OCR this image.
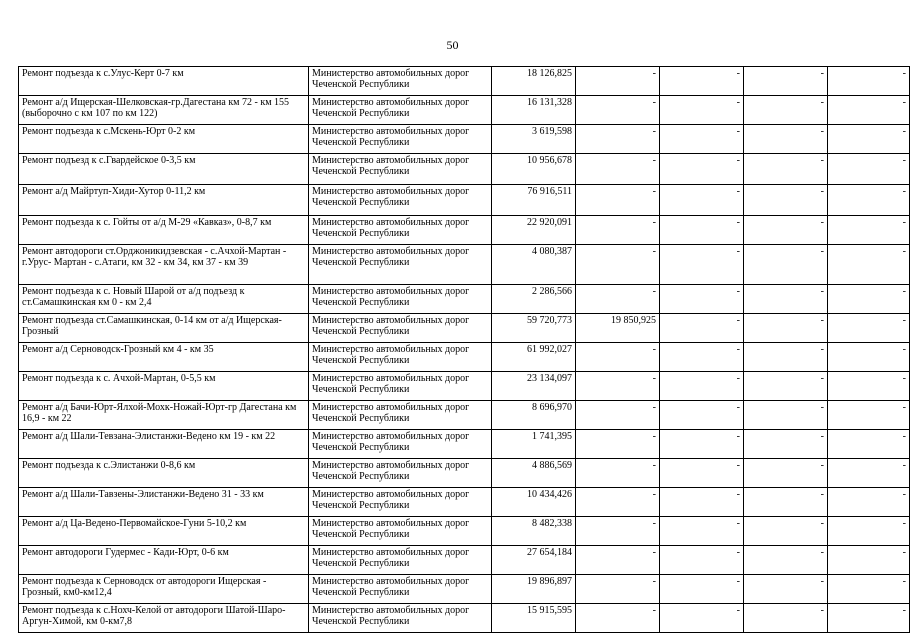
50
Ремонт подъезда к с.Улус-Керт 0-7 км	Министерство автомобильных дорог Чеченской Республики	18 126,825	-	-	-	-
Ремонт а/д Ищерская-Шелковская-гр.Дагестана км 72 - км 155 (выборочно с км 107 по км 122)	Министерство автомобильных дорог Чеченской Республики	16 131,328	-	-	-	-
Ремонт подъезда к с.Мскень-Юрт 0-2 км	Министерство автомобильных дорог Чеченской Республики	3 619,598	-	-	-	-
Ремонт подъезд к с.Гвардейское 0-3,5 км	Министерство автомобильных дорог Чеченской Республики	10 956,678	-	-	-	-
Ремонт а/д Майртуп-Хиди-Хутор 0-11,2 км	Министерство автомобильных дорог Чеченской Республики	76 916,511	-	-	-	-
Ремонт подъезда к с. Гойты от а/д М-29 «Кавказ», 0-8,7 км	Министерство автомобильных дорог Чеченской Республики	22 920,091	-	-	-	-
Ремонт автодороги ст.Орджоникидзевская - с.Ачхой-Мартан - г.Урус- Мартан - с.Атаги, км 32 - км 34, км 37 - км 39	Министерство автомобильных дорог Чеченской Республики	4 080,387	-	-	-	-
Ремонт подъезда к с. Новый Шарой от а/д подъезд к ст.Самашкинская км 0 - км 2,4	Министерство автомобильных дорог Чеченской Республики	2 286,566	-	-	-	-
Ремонт подъезда ст.Самашкинская, 0-14 км от а/д Ищерская-Грозный	Министерство автомобильных дорог Чеченской Республики	59 720,773	19 850,925	-	-	-
Ремонт а/д Серноводск-Грозный км 4 - км 35	Министерство автомобильных дорог Чеченской Республики	61 992,027	-	-	-	-
Ремонт подъезда к с. Ачхой-Мартан, 0-5,5 км	Министерство автомобильных дорог Чеченской Республики	23 134,097	-	-	-	-
Ремонт а/д Бачи-Юрт-Ялхой-Мохк-Ножай-Юрт-гр Дагестана км 16,9 - км 22	Министерство автомобильных дорог Чеченской Республики	8 696,970	-	-	-	-
Ремонт а/д Шали-Тевзана-Элистанжи-Ведено км 19 - км 22	Министерство автомобильных дорог Чеченской Республики	1 741,395	-	-	-	-
Ремонт подъезда к с.Элистанжи 0-8,6 км	Министерство автомобильных дорог Чеченской Республики	4 886,569	-	-	-	-
Ремонт а/д Шали-Тавзены-Элистанжи-Ведено 31 - 33 км	Министерство автомобильных дорог Чеченской Республики	10 434,426	-	-	-	-
Ремонт а/д Ца-Ведено-Первомайское-Гуни 5-10,2 км	Министерство автомобильных дорог Чеченской Республики	8 482,338	-	-	-	-
Ремонт автодороги Гудермес - Кади-Юрт, 0-6 км	Министерство автомобильных дорог Чеченской Республики	27 654,184	-	-	-	-
Ремонт подъезда к Серноводск от автодороги Ищерская - Грозный, км0-км12,4	Министерство автомобильных дорог Чеченской Республики	19 896,897	-	-	-	-
Ремонт подъезда к с.Нохч-Келой от автодороги Шатой-Шаро-Аргун-Химой, км 0-км7,8	Министерство автомобильных дорог Чеченской Республики	15 915,595	-	-	-	-
